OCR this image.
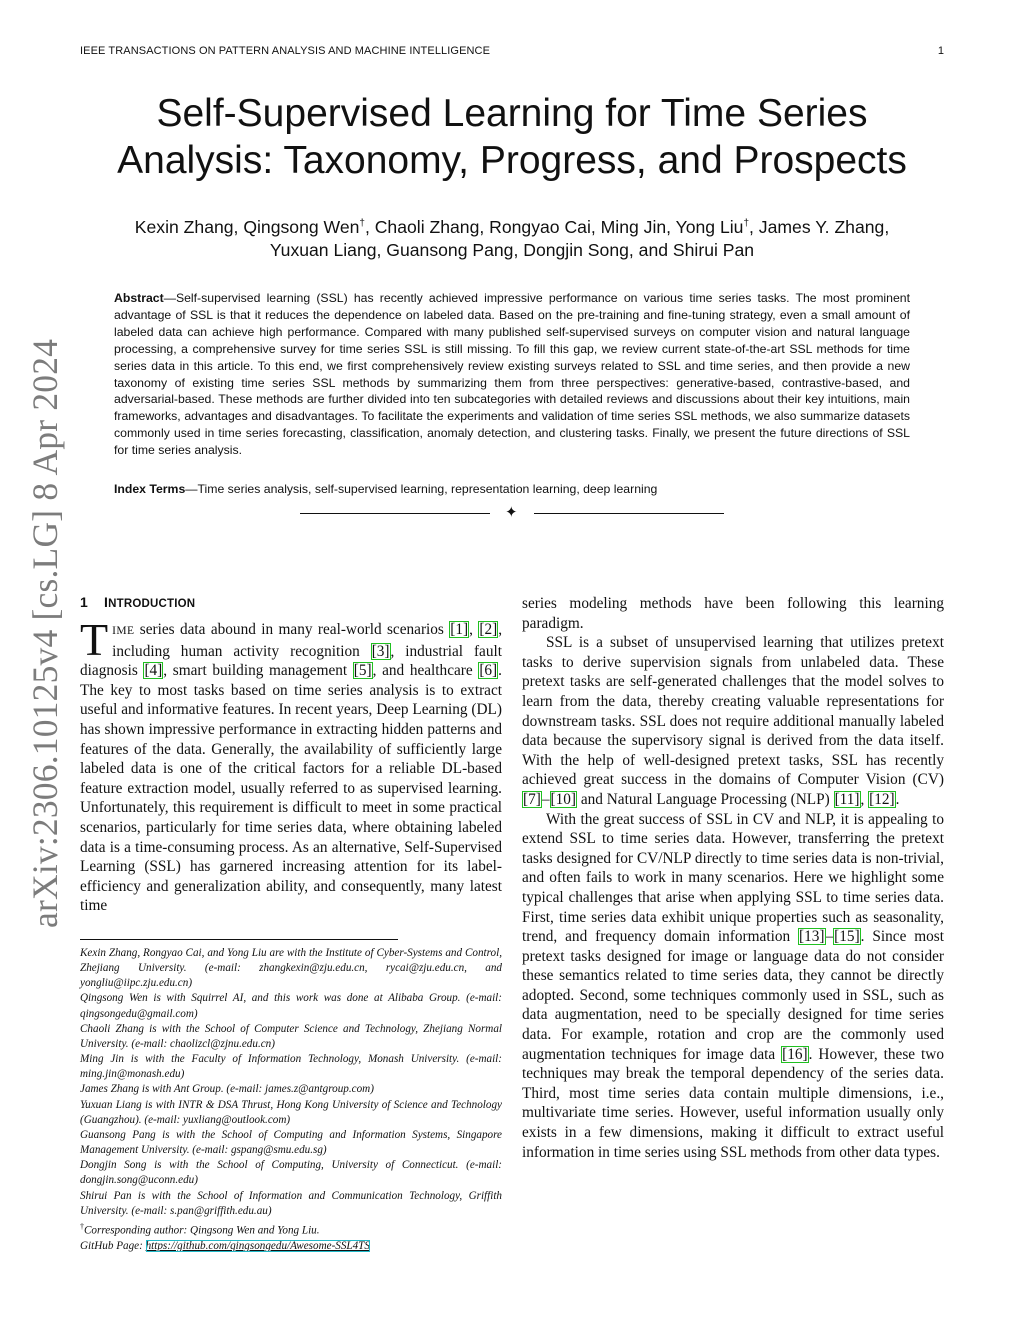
IEEE TRANSACTIONS ON PATTERN ANALYSIS AND MACHINE INTELLIGENCE	1
arXiv:2306.10125v4 [cs.LG] 8 Apr 2024
Self-Supervised Learning for Time Series Analysis: Taxonomy, Progress, and Prospects
Kexin Zhang, Qingsong Wen†, Chaoli Zhang, Rongyao Cai, Ming Jin, Yong Liu†, James Y. Zhang,
Yuxuan Liang, Guansong Pang, Dongjin Song, and Shirui Pan
Abstract—Self-supervised learning (SSL) has recently achieved impressive performance on various time series tasks. The most prominent advantage of SSL is that it reduces the dependence on labeled data. Based on the pre-training and fine-tuning strategy, even a small amount of labeled data can achieve high performance. Compared with many published self-supervised surveys on computer vision and natural language processing, a comprehensive survey for time series SSL is still missing. To fill this gap, we review current state-of-the-art SSL methods for time series data in this article. To this end, we first comprehensively review existing surveys related to SSL and time series, and then provide a new taxonomy of existing time series SSL methods by summarizing them from three perspectives: generative-based, contrastive-based, and adversarial-based. These methods are further divided into ten subcategories with detailed reviews and discussions about their key intuitions, main frameworks, advantages and disadvantages. To facilitate the experiments and validation of time series SSL methods, we also summarize datasets commonly used in time series forecasting, classification, anomaly detection, and clustering tasks. Finally, we present the future directions of SSL for time series analysis.
Index Terms—Time series analysis, self-supervised learning, representation learning, deep learning
✦
1 INTRODUCTION

TIME series data abound in many real-world scenarios [1], [2], including human activity recognition [3], industrial fault diagnosis [4], smart building management [5], and healthcare [6]. The key to most tasks based on time series analysis is to extract useful and informative features. In recent years, Deep Learning (DL) has shown impressive performance in extracting hidden patterns and features of the data. Generally, the availability of sufficiently large labeled data is one of the critical factors for a reliable DL-based feature extraction model, usually referred to as supervised learning. Unfortunately, this requirement is difficult to meet in some practical scenarios, particularly for time series data, where obtaining labeled data is a time-consuming process. As an alternative, Self-Supervised Learning (SSL) has garnered increasing attention for its label-efficiency and generalization ability, and consequently, many latest time

Kexin Zhang, Rongyao Cai, and Yong Liu are with the Institute of Cyber-Systems and Control, Zhejiang University. (e-mail: zhangkexin@zju.edu.cn, rycai@zju.edu.cn, and yongliu@iipc.zju.edu.cn)

Qingsong Wen is with Squirrel AI, and this work was done at Alibaba Group. (e-mail: qingsongedu@gmail.com)

Chaoli Zhang is with the School of Computer Science and Technology, Zhejiang Normal University. (e-mail: chaolizcl@zjnu.edu.cn)

Ming Jin is with the Faculty of Information Technology, Monash University. (e-mail: ming.jin@monash.edu)

James Zhang is with Ant Group. (e-mail: james.z@antgroup.com)

Yuxuan Liang is with INTR & DSA Thrust, Hong Kong University of Science and Technology (Guangzhou). (e-mail: yuxliang@outlook.com)

Guansong Pang is with the School of Computing and Information Systems, Singapore Management University. (e-mail: gspang@smu.edu.sg)

Dongjin Song is with the School of Computing, University of Connecticut. (e-mail: dongjin.song@uconn.edu)

Shirui Pan is with the School of Information and Communication Technology, Griffith University. (e-mail: s.pan@griffith.edu.au)

†Corresponding author: Qingsong Wen and Yong Liu.

GitHub Page: https://github.com/qingsongedu/Awesome-SSL4TS

series modeling methods have been following this learning paradigm.

SSL is a subset of unsupervised learning that utilizes pretext tasks to derive supervision signals from unlabeled data. These pretext tasks are self-generated challenges that the model solves to learn from the data, thereby creating valuable representations for downstream tasks. SSL does not require additional manually labeled data because the supervisory signal is derived from the data itself. With the help of well-designed pretext tasks, SSL has recently achieved great success in the domains of Computer Vision (CV) [7]–[10] and Natural Language Processing (NLP) [11], [12].

With the great success of SSL in CV and NLP, it is appealing to extend SSL to time series data. However, transferring the pretext tasks designed for CV/NLP directly to time series data is non-trivial, and often fails to work in many scenarios. Here we highlight some typical challenges that arise when applying SSL to time series data. First, time series data exhibit unique properties such as seasonality, trend, and frequency domain information [13]–[15]. Since most pretext tasks designed for image or language data do not consider these semantics related to time series data, they cannot be directly adopted. Second, some techniques commonly used in SSL, such as data augmentation, need to be specially designed for time series data. For example, rotation and crop are the commonly used augmentation techniques for image data [16]. However, these two techniques may break the temporal dependency of the series data. Third, most time series data contain multiple dimensions, i.e., multivariate time series. However, useful information usually only exists in a few dimensions, making it difficult to extract useful information in time series using SSL methods from other data types.
